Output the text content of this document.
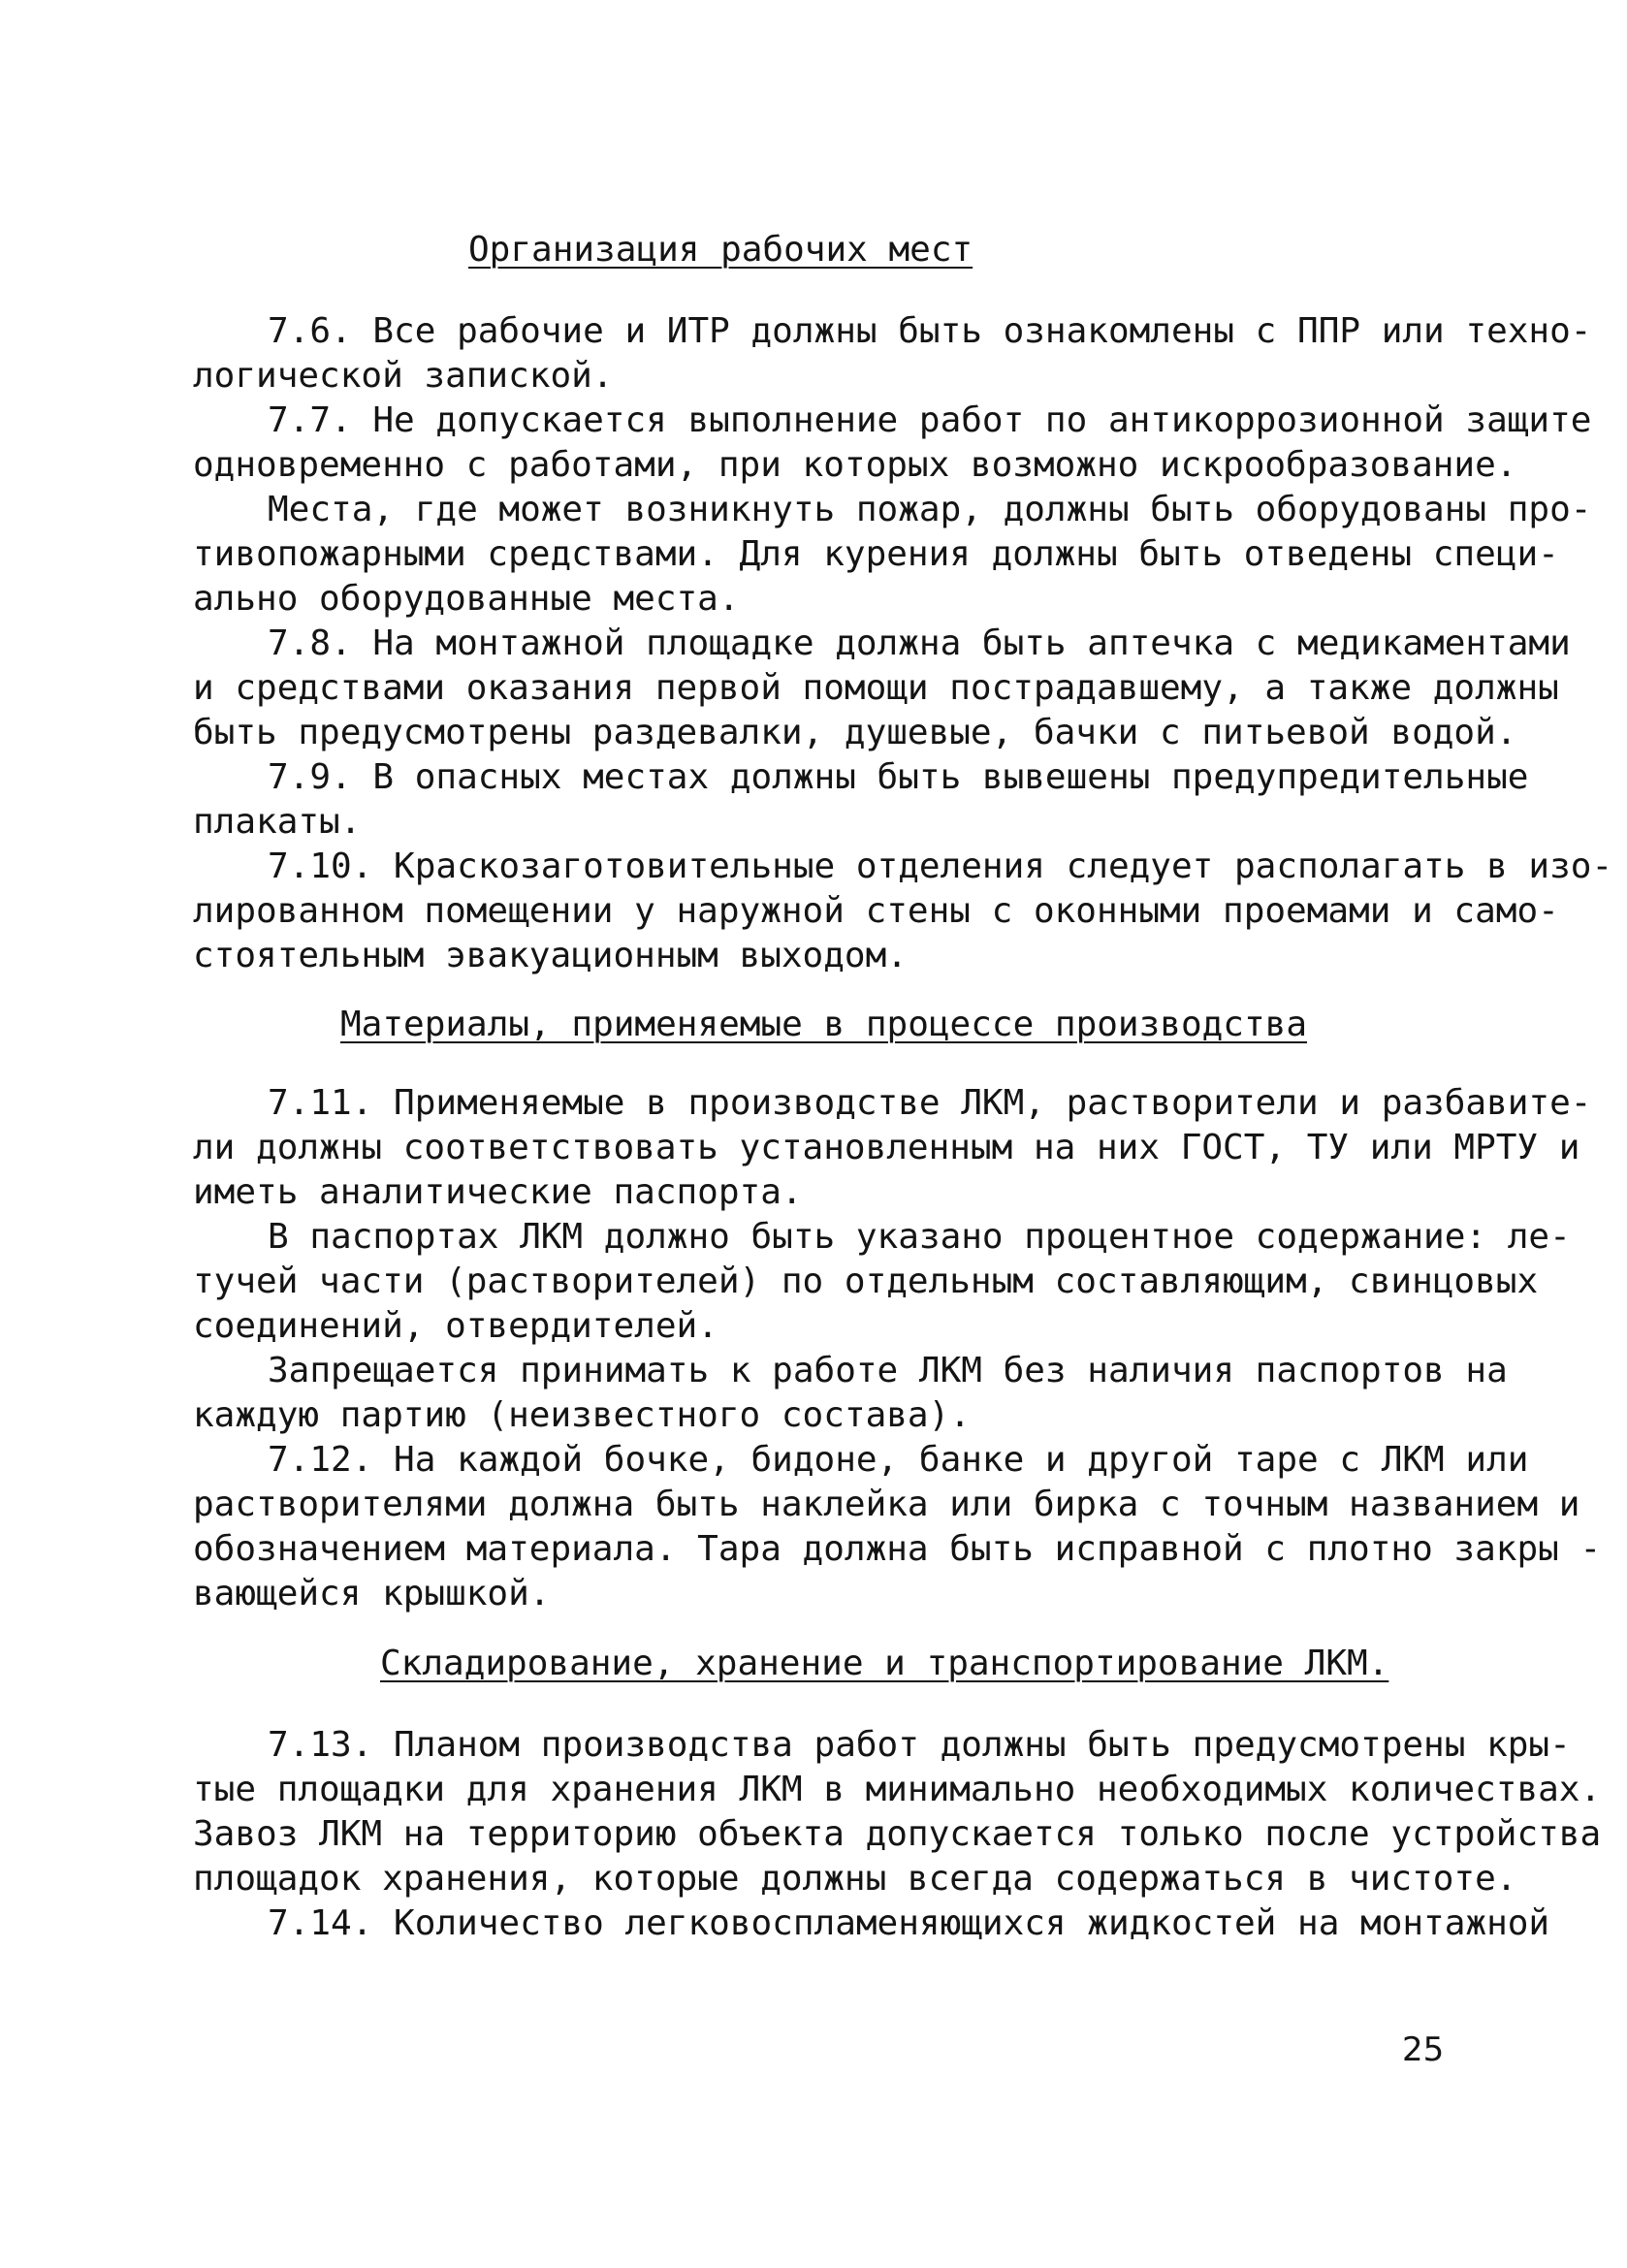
Организация рабочих мест
7.6. Все рабочие и ИТР должны быть ознакомлены с ППР или техно-
логической запиской.
7.7. Не допускается выполнение работ по антикоррозионной защите
одновременно с работами, при которых возможно искрообразование.
Места, где может возникнуть пожар, должны быть оборудованы про-
тивопожарными средствами. Для курения должны быть отведены специ-
ально оборудованные места.
7.8. На монтажной площадке должна быть аптечка с медикаментами
и средствами оказания первой помощи пострадавшему, а также должны
быть предусмотрены раздевалки, душевые, бачки с питьевой водой.
7.9. В опасных местах должны быть вывешены предупредительные
плакаты.
7.10. Краскозаготовительные отделения следует располагать в изо-
лированном помещении у наружной стены с оконными проемами и само-
стоятельным эвакуационным выходом.
Материалы, применяемые в процессе производства
7.11. Применяемые в производстве ЛКМ, растворители и разбавите-
ли должны соответствовать установленным на них ГОСТ, ТУ или МРТУ и
иметь аналитические паспорта.
В паспортах ЛКМ должно быть указано процентное содержание: ле-
тучей части (растворителей) по отдельным составляющим, свинцовых
соединений, отвердителей.
Запрещается принимать к работе ЛКМ без наличия паспортов на
каждую партию (неизвестного состава).
7.12. На каждой бочке, бидоне, банке и другой таре с ЛКМ или
растворителями должна быть наклейка или бирка с точным названием и
обозначением материала. Тара должна быть исправной с плотно закры -
вающейся крышкой.
Складирование, хранение и транспортирование ЛКМ.
7.13. Планом производства работ должны быть предусмотрены кры-
тые площадки для хранения ЛКМ в минимально необходимых количествах.
Завоз ЛКМ на территорию объекта допускается только после устройства
площадок хранения, которые должны всегда содержаться в чистоте.
7.14. Количество легковоспламеняющихся жидкостей на монтажной
25
